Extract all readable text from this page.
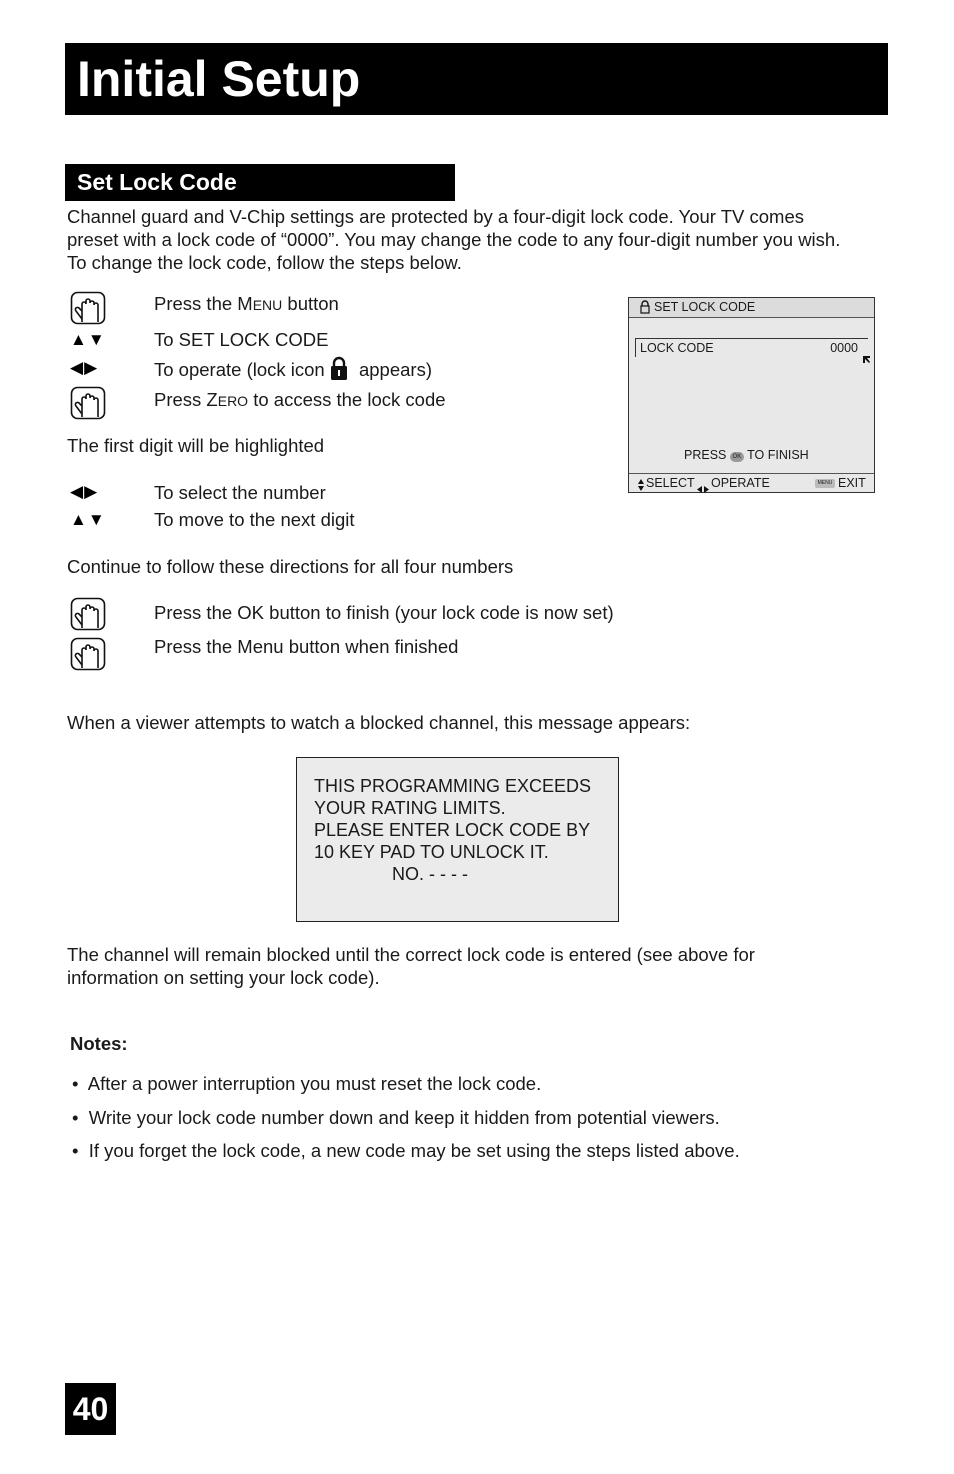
Initial Setup
Set Lock Code
Channel guard and V-Chip settings are protected by a four-digit lock code. Your TV comes
preset with a lock code of “0000”. You may change the code to any four-digit number you wish.
To change the lock code, follow the steps below.
Press the MENU button
▲▼	To SET LOCK CODE
◀▶	To operate (lock icon appears)
Press ZERO to access the lock code
The first digit will be highlighted
◀▶	To select the number
▲▼	To move to the next digit
Continue to follow these directions for all four numbers
Press the OK button to finish (your lock code is now set)
Press the Menu button when finished
SET LOCK CODE
LOCK CODE	0000
PRESS OK TO FINISH
SELECT OPERATE	MENU EXIT
When a viewer attempts to watch a blocked channel, this message appears:
THIS PROGRAMMING EXCEEDS
YOUR RATING LIMITS.
PLEASE ENTER LOCK CODE BY
10 KEY PAD TO UNLOCK IT.
NO. - - - -
The channel will remain blocked until the correct lock code is entered (see above for
information on setting your lock code).
Notes:
•  After a power interruption you must reset the lock code.
•  Write your lock code number down and keep it hidden from potential viewers.
•  If you forget the lock code, a new code may be set using the steps listed above.
40
